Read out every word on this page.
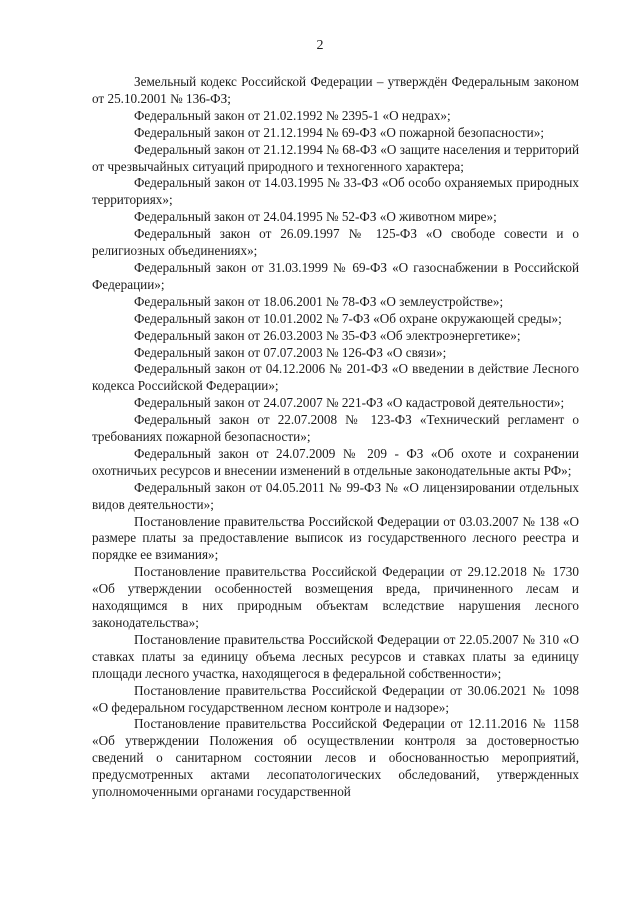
2

Земельный кодекс Российской Федерации – утверждён Федеральным законом от 25.10.2001 № 136-ФЗ;

Федеральный закон от 21.02.1992 № 2395-1 «О недрах»;

Федеральный закон от 21.12.1994 № 69-ФЗ «О пожарной безопасности»;

Федеральный закон от 21.12.1994 № 68-ФЗ «О защите населения и территорий от чрезвычайных ситуаций природного и техногенного характера;

Федеральный закон от 14.03.1995 № 33-ФЗ «Об особо охраняемых природных территориях»;

Федеральный закон от 24.04.1995 № 52-ФЗ «О животном мире»;

Федеральный закон от 26.09.1997 № 125-ФЗ «О свободе совести и о религиозных объединениях»;

Федеральный закон от 31.03.1999 № 69-ФЗ «О газоснабжении в Российской Федерации»;

Федеральный закон от 18.06.2001 № 78-ФЗ «О землеустройстве»;

Федеральный закон от 10.01.2002 № 7-ФЗ «Об охране окружающей среды»;

Федеральный закон от 26.03.2003 № 35-ФЗ «Об электроэнергетике»;

Федеральный закон от 07.07.2003 № 126-ФЗ «О связи»;

Федеральный закон от 04.12.2006 № 201-ФЗ «О введении в действие Лесного кодекса Российской Федерации»;

Федеральный закон от 24.07.2007 № 221-ФЗ «О кадастровой деятельности»;

Федеральный закон от 22.07.2008 № 123-ФЗ «Технический регламент о требованиях пожарной безопасности»;

Федеральный закон от 24.07.2009 № 209 - ФЗ «Об охоте и сохранении охотничьих ресурсов и внесении изменений в отдельные законодательные акты РФ»;

Федеральный закон от 04.05.2011 № 99-ФЗ № «О лицензировании отдельных видов деятельности»;

Постановление правительства Российской Федерации от 03.03.2007 № 138 «О размере платы за предоставление выписок из государственного лесного реестра и порядке ее взимания»;

Постановление правительства Российской Федерации от 29.12.2018 № 1730 «Об утверждении особенностей возмещения вреда, причиненного лесам и находящимся в них природным объектам вследствие нарушения лесного законодательства»;

Постановление правительства Российской Федерации от 22.05.2007 № 310 «О ставках платы за единицу объема лесных ресурсов и ставках платы за единицу площади лесного участка, находящегося в федеральной собственности»;

Постановление правительства Российской Федерации от 30.06.2021 № 1098 «О федеральном государственном лесном контроле и надзоре»;

Постановление правительства Российской Федерации от 12.11.2016 № 1158 «Об утверждении Положения об осуществлении контроля за достоверностью сведений о санитарном состоянии лесов и обоснованностью мероприятий, предусмотренных актами лесопатологических обследований, утвержденных уполномоченными органами государственной
